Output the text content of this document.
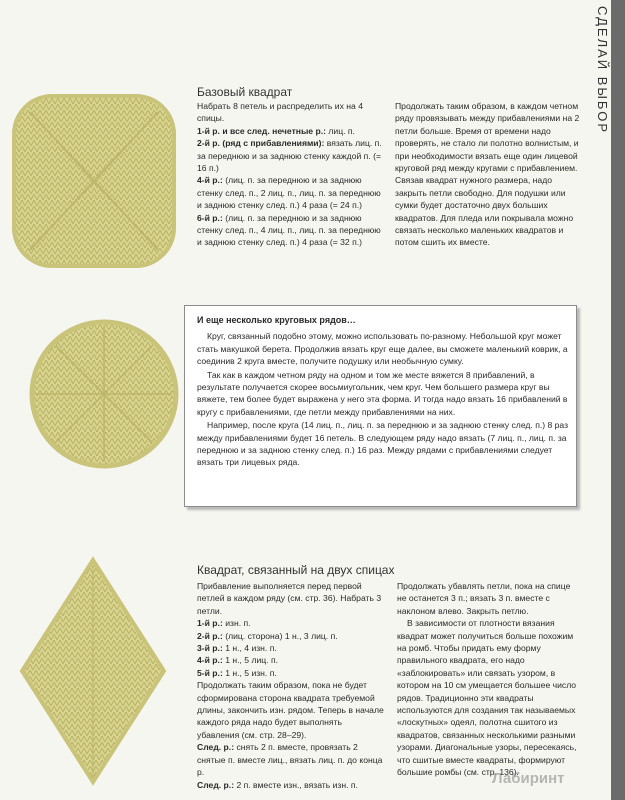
СДЕЛАЙ ВЫБОР
Базовый квадрат

Набрать 8 петель и распределить их на 4 спицы.

1-й р. и все след. нечетные р.: лиц. п.

2-й р. (ряд с прибавлениями): вязать лиц. п. за переднюю и за заднюю стенку каждой п. (= 16 п.)

4-й р.: (лиц. п. за переднюю и за заднюю стенку след. п., 2 лиц. п., лиц. п. за переднюю и заднюю стенку след. п.) 4 раза (= 24 п.)

6-й р.: (лиц. п. за переднюю и за заднюю стенку след. п., 4 лиц. п., лиц. п. за переднюю и заднюю стенку след. п.) 4 раза (= 32 п.)

Продолжать таким образом, в каждом четном ряду провязывать между прибавлениями на 2 петли больше. Время от времени надо проверять, не стало ли полотно волнистым, и при необходимости вязать еще один лицевой круговой ряд между кругами с прибавлением. Связав квадрат нужного размера, надо закрыть петли свободно. Для подушки или сумки будет достаточно двух больших квадратов. Для пледа или покрывала можно связать несколько маленьких квадратов и потом сшить их вместе.
И еще несколько круговых рядов…

Круг, связанный подобно этому, можно использовать по-разному. Небольшой круг может стать макушкой берета. Продолжив вязать круг еще далее, вы сможете маленький коврик, а соединив 2 круга вместе, получите подушку или необычную сумку.

Так как в каждом четном ряду на одном и том же месте вяжется 8 прибавлений, в результате получается скорее восьмиугольник, чем круг. Чем большего размера круг вы вяжете, тем более будет выражена у него эта форма. И тогда надо вязать 16 прибавлений в кругу с прибавлениями, где петли между прибавлениями на них.

Например, после круга (14 лиц. п., лиц. п. за переднюю и за заднюю стенку след. п.) 8 раз между прибавлениями будет 16 петель. В следующем ряду надо вязать (7 лиц. п., лиц. п. за переднюю и за заднюю стенку след. п.) 16 раз. Между рядами с прибавлениями следует вязать три лицевых ряда.

Квадрат, связанный на двух спицах

Прибавление выполняется перед первой петлей в каждом ряду (см. стр. 36). Набрать 3 петли.

1-й р.: изн. п.

2-й р.: (лиц. сторона) 1 н., 3 лиц. п.

3-й р.: 1 н., 4 изн. п.

4-й р.: 1 н., 5 лиц. п.

5-й р.: 1 н., 5 изн. п.

Продолжать таким образом, пока не будет сформирована сторона квадрата требуемой длины, закончить изн. рядом. Теперь в начале каждого ряда надо будет выполнять убавления (см. стр. 28–29).

След. р.: снять 2 п. вместе, провязать 2 снятые п. вместе лиц., вязать лиц. п. до конца р.

След. р.: 2 п. вместе изн., вязать изн. п.

Продолжать убавлять петли, пока на спице не останется 3 п.; вязать 3 п. вместе с наклоном влево. Закрыть петлю.

В зависимости от плотности вязания квадрат может получиться больше похожим на ромб. Чтобы придать ему форму правильного квадрата, его надо «заблокировать» или связать узором, в котором на 10 см умещается большее число рядов. Традиционно эти квадраты используются для создания так называемых «лоскутных» одеял, полотна сшитого из квадратов, связанных несколькими разными узорами. Диагональные узоры, пересекаясь, что сшитые вместе квадраты, формируют большие ромбы (см. стр. 136).

Лабиринт
